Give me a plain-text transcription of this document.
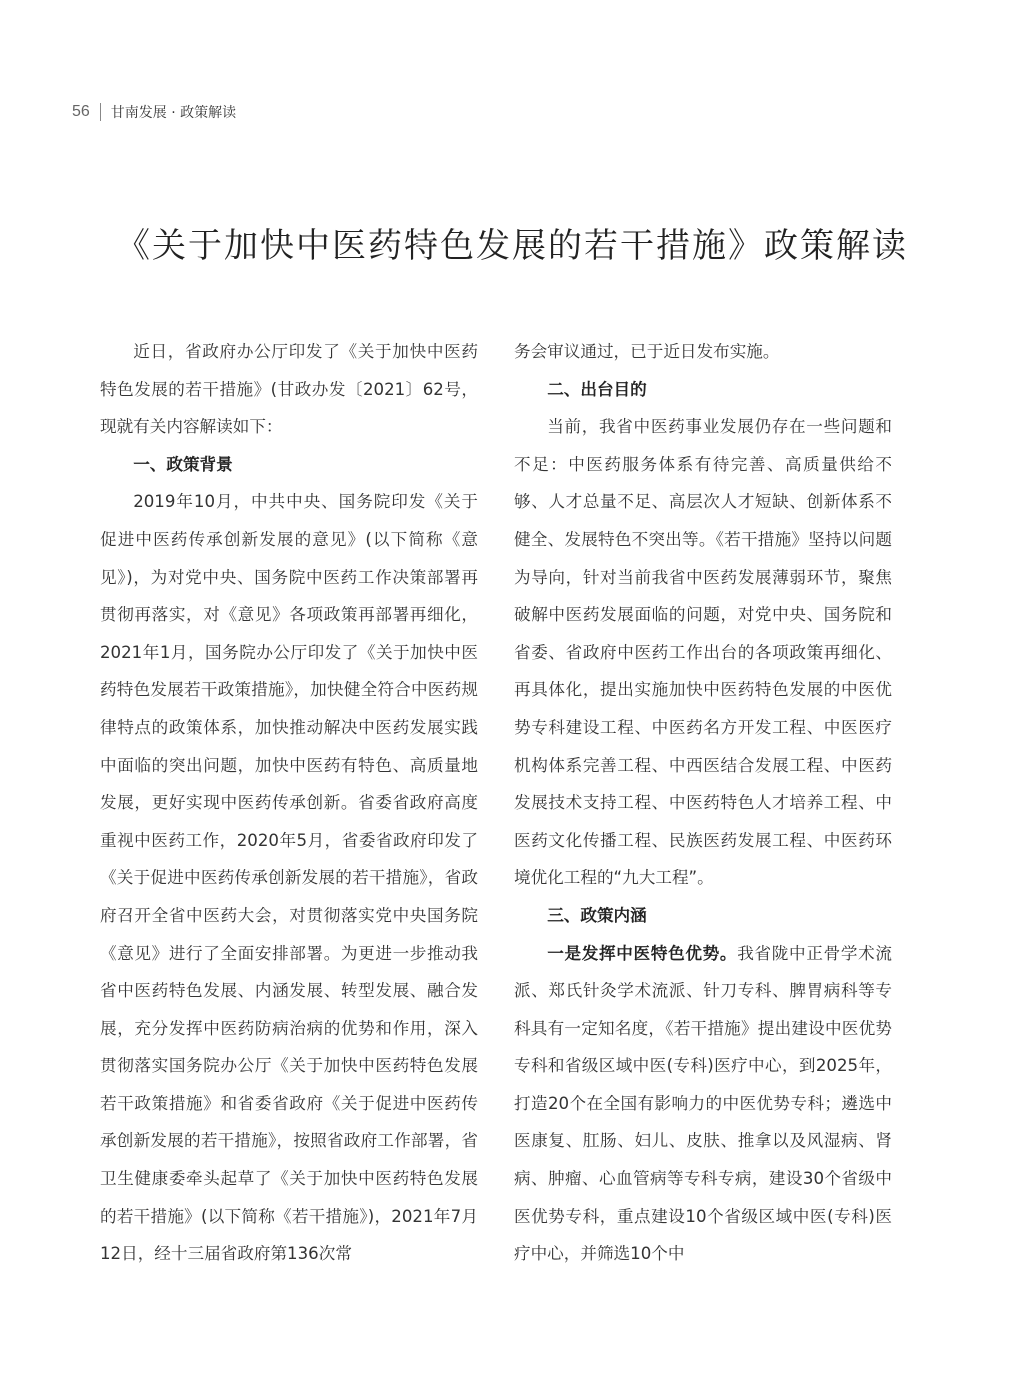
56 甘南发展 · 政策解读
《关于加快中医药特色发展的若干措施》政策解读

近日，省政府办公厅印发了《关于加快中医药特色发展的若干措施》(甘政办发〔2021〕62号，现就有关内容解读如下：

一、政策背景

2019年10月，中共中央、国务院印发《关于促进中医药传承创新发展的意见》(以下简称《意见》)，为对党中央、国务院中医药工作决策部署再贯彻再落实，对《意见》各项政策再部署再细化，2021年1月，国务院办公厅印发了《关于加快中医药特色发展若干政策措施》，加快健全符合中医药规律特点的政策体系，加快推动解决中医药发展实践中面临的突出问题，加快中医药有特色、高质量地发展，更好实现中医药传承创新。省委省政府高度重视中医药工作，2020年5月，省委省政府印发了《关于促进中医药传承创新发展的若干措施》，省政府召开全省中医药大会，对贯彻落实党中央国务院《意见》进行了全面安排部署。为更进一步推动我省中医药特色发展、内涵发展、转型发展、融合发展，充分发挥中医药防病治病的优势和作用，深入贯彻落实国务院办公厅《关于加快中医药特色发展若干政策措施》和省委省政府《关于促进中医药传承创新发展的若干措施》，按照省政府工作部署，省卫生健康委牵头起草了《关于加快中医药特色发展的若干措施》(以下简称《若干措施》)，2021年7月12日，经十三届省政府第136次常

务会审议通过，已于近日发布实施。

二、出台目的

当前，我省中医药事业发展仍存在一些问题和不足：中医药服务体系有待完善、高质量供给不够、人才总量不足、高层次人才短缺、创新体系不健全、发展特色不突出等。《若干措施》坚持以问题为导向，针对当前我省中医药发展薄弱环节，聚焦破解中医药发展面临的问题，对党中央、国务院和省委、省政府中医药工作出台的各项政策再细化、再具体化，提出实施加快中医药特色发展的中医优势专科建设工程、中医药名方开发工程、中医医疗机构体系完善工程、中西医结合发展工程、中医药发展技术支持工程、中医药特色人才培养工程、中医药文化传播工程、民族医药发展工程、中医药环境优化工程的“九大工程”。

三、政策内涵

一是发挥中医特色优势。我省陇中正骨学术流派、郑氏针灸学术流派、针刀专科、脾胃病科等专科具有一定知名度，《若干措施》提出建设中医优势专科和省级区域中医(专科)医疗中心，到2025年，打造20个在全国有影响力的中医优势专科；遴选中医康复、肛肠、妇儿、皮肤、推拿以及风湿病、肾病、肿瘤、心血管病等专科专病，建设30个省级中医优势专科，重点建设10个省级区域中医(专科)医疗中心，并筛选10个中
